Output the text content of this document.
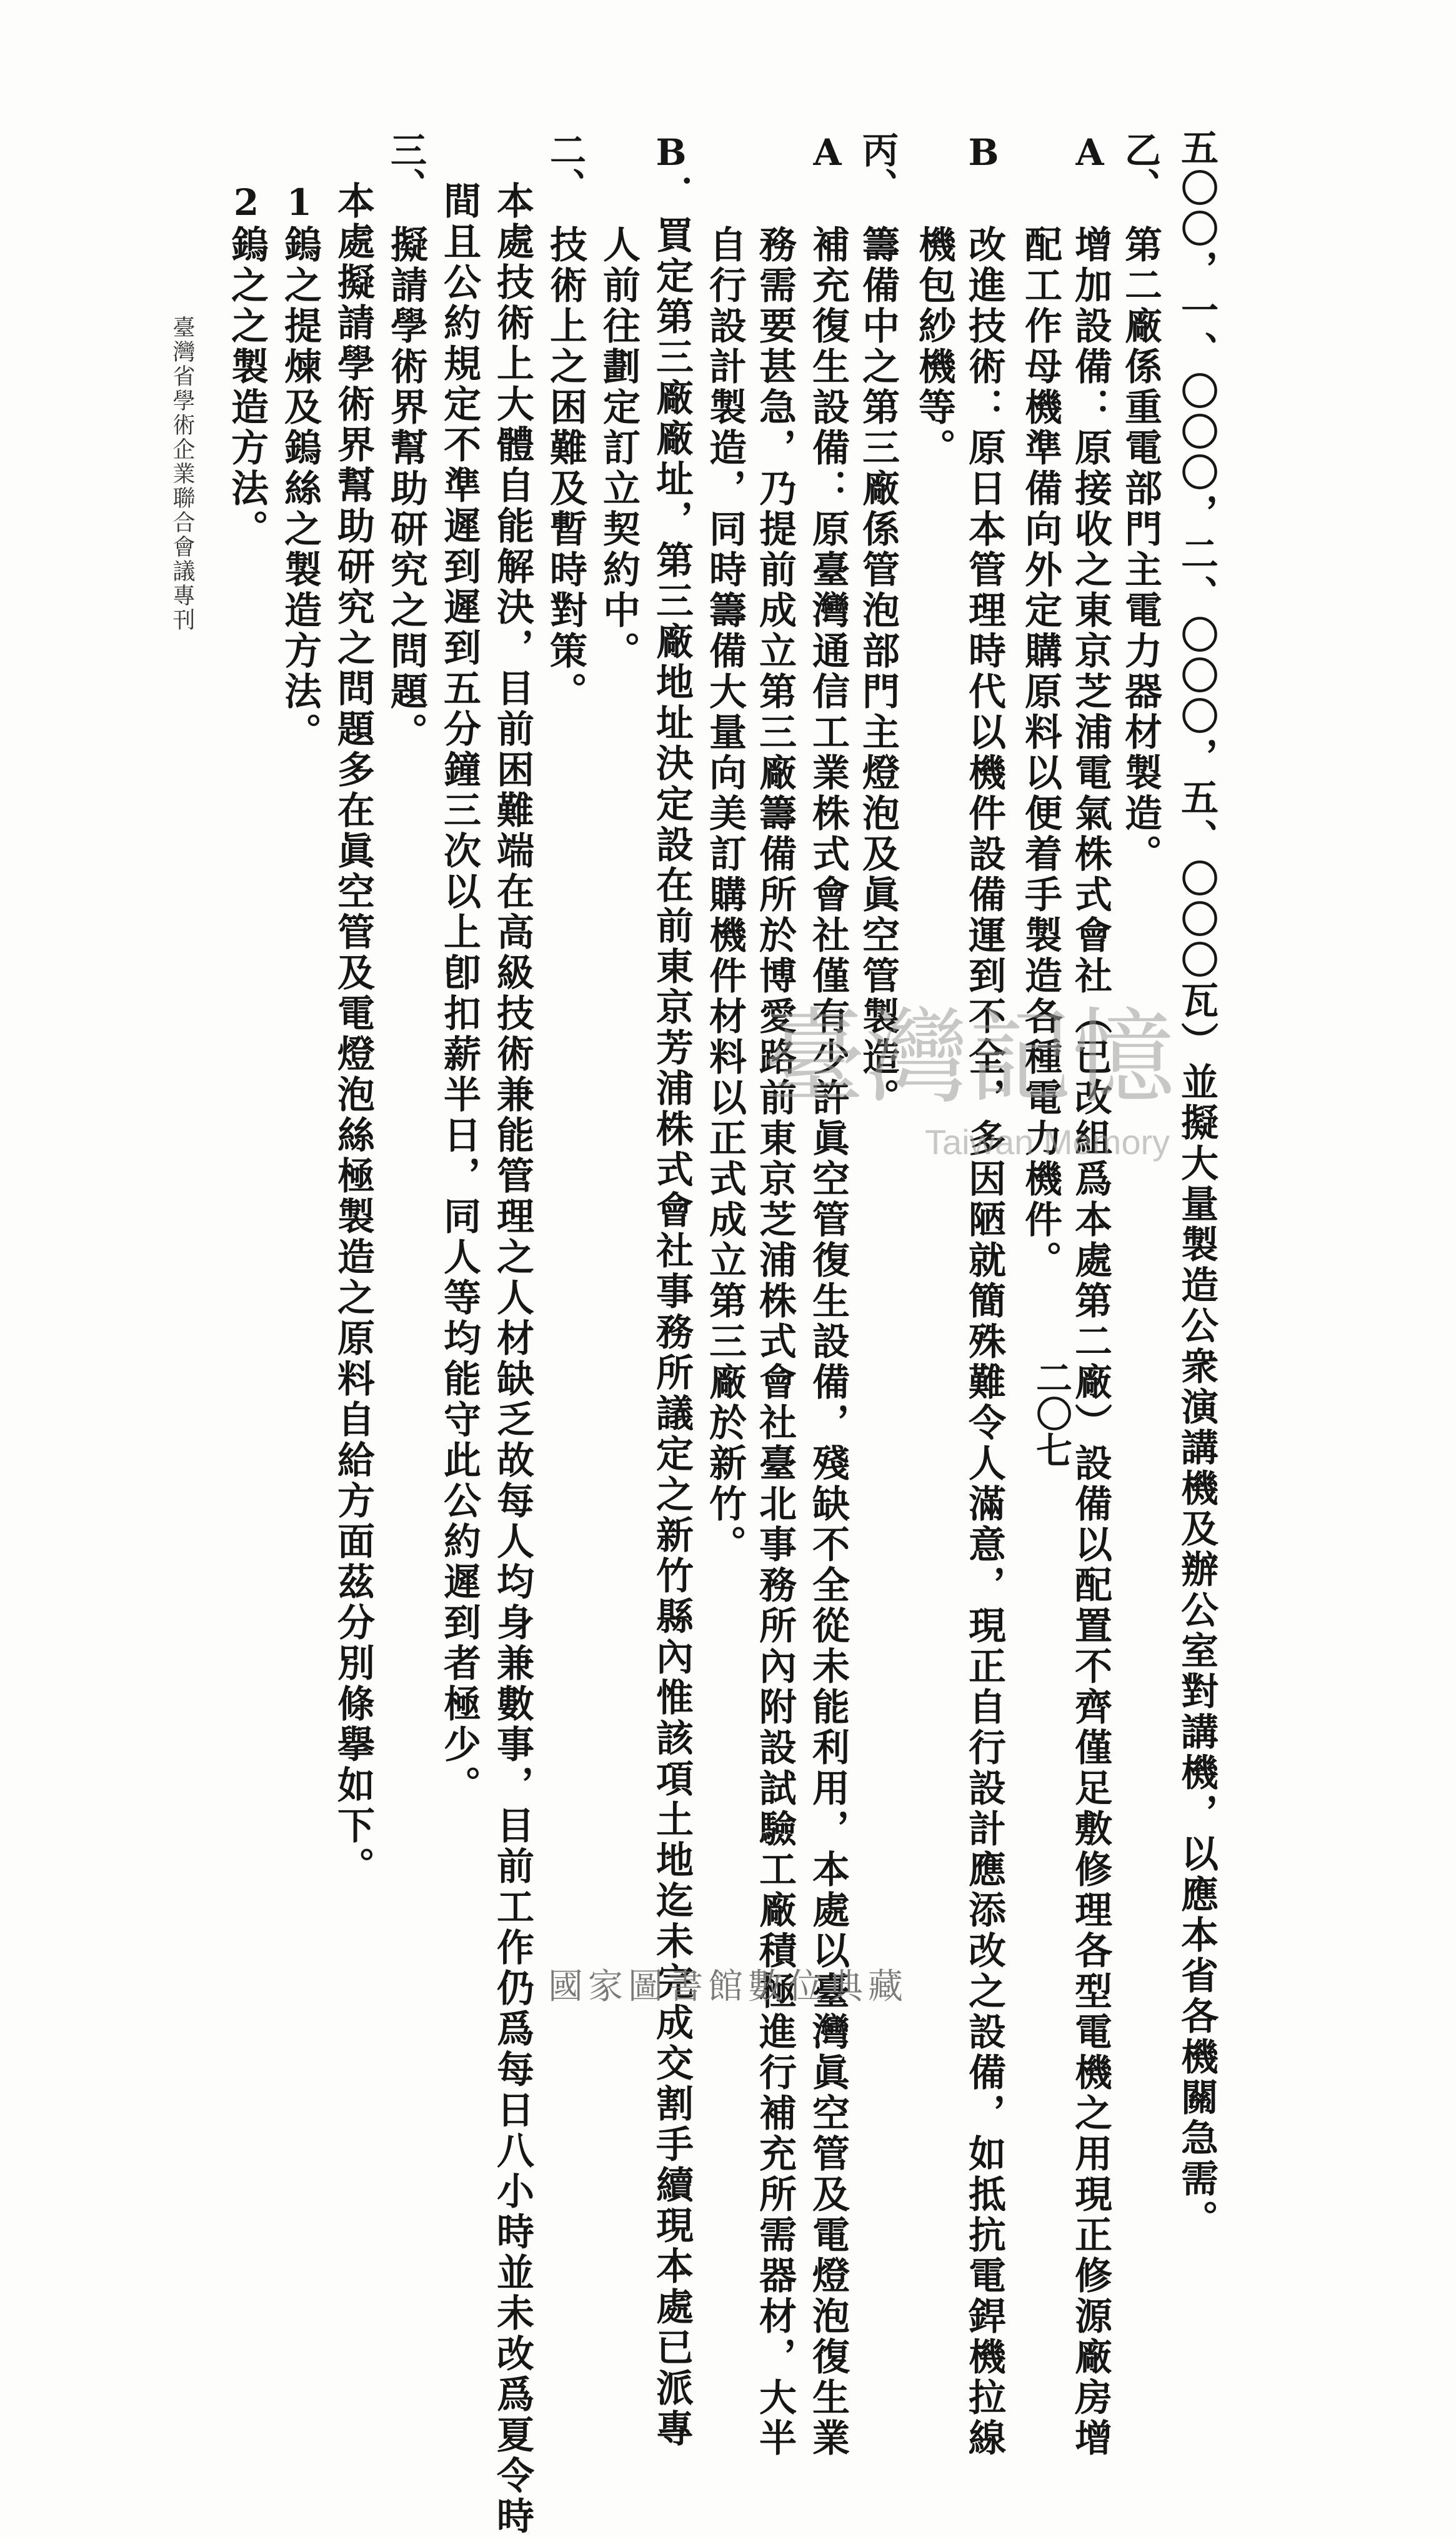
五〇〇，一、〇〇〇，二、〇〇〇，五、〇〇〇瓦）並擬大量製造公衆演講機及辦公室對講機，以應本省各機關急需。
乙、
第二廠係重電部門主電力器材製造。
A
增加設備：原接收之東京芝浦電氣株式會社（已改組爲本處第二廠）設備以配置不齊僅足敷修理各型電機之用現正修源廠房增
配工作母機準備向外定購原料以便着手製造各種電力機件。
B
改進技術：原日本管理時代以機件設備運到不全，多因陋就簡殊難令人滿意，現正自行設計應添改之設備，如抵抗電銲機拉線
機包紗機等。
丙、
籌備中之第三廠係管泡部門主燈泡及眞空管製造。
A
補充復生設備：原臺灣通信工業株式會社僅有少許眞空管復生設備，殘缺不全從未能利用，本處以臺灣眞空管及電燈泡復生業
務需要甚急，乃提前成立第三廠籌備所於博愛路前東京芝浦株式會社臺北事務所內附設試驗工廠積極進行補充所需器材，大半
自行設計製造，同時籌備大量向美訂購機件材料以正式成立第三廠於新竹。
B
．買定第三廠廠址，第三廠地址決定設在前東京芳浦株式會社事務所議定之新竹縣內惟該項土地迄未完成交割手續現本處已派專
人前往劃定訂立契約中。
二、
技術上之困難及暫時對策。
本處技術上大體自能解決，目前困難端在高級技術兼能管理之人材缺乏故每人均身兼數事，目前工作仍爲每日八小時並未改爲夏令時
間且公約規定不準遲到遲到五分鐘三次以上卽扣薪半日，同人等均能守此公約遲到者極少。
三、
擬請學術界幫助研究之問題。
本處擬請學術界幫助研究之問題多在眞空管及電燈泡絲極製造之原料自給方面茲分別條擧如下。
1
鎢之提煉及鎢絲之製造方法。
2
鎢之之製造方法。
臺灣省學術企業聯合會議專刊
二〇七
臺灣記憶
Taiwan Memory
國家圖書館數位典藏
